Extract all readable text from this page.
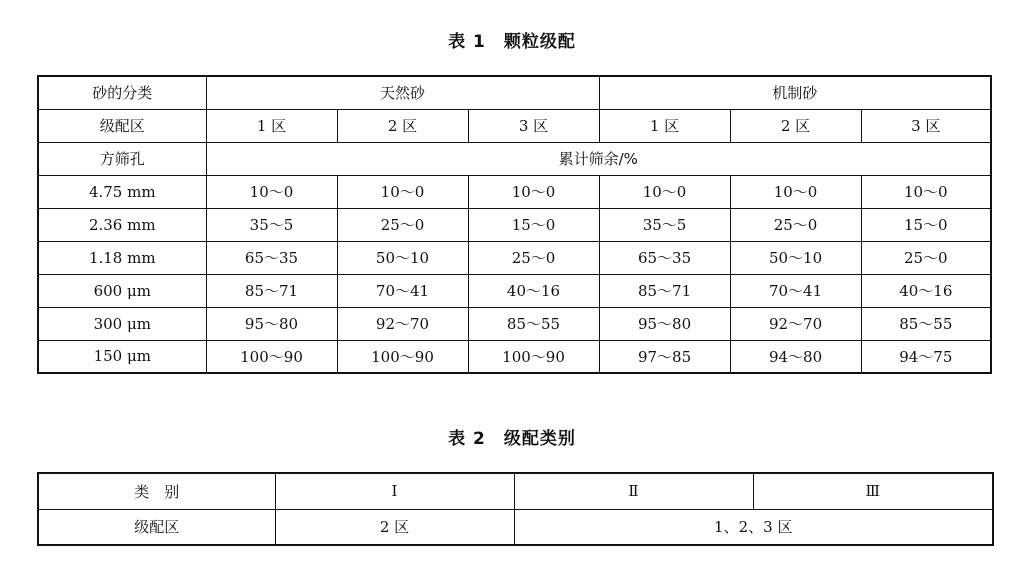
表 1　颗粒级配
砂的分类	天然砂			机制砂		
级配区	1 区	2 区	3 区	1 区	2 区	3 区
方筛孔	累计筛余/%					
4.75 mm	10～0	10～0	10～0	10～0	10～0	10～0
2.36 mm	35～5	25～0	15～0	35～5	25～0	15～0
1.18 mm	65～35	50～10	25～0	65～35	50～10	25～0
600 μm	85～71	70～41	40～16	85～71	70～41	40～16
300 μm	95～80	92～70	85～55	95～80	92～70	85～55
150 μm	100～90	100～90	100～90	97～85	94～80	94～75
表 2　级配类别
类　别	Ⅰ	Ⅱ	Ⅲ
级配区	2 区	1、2、3 区	
